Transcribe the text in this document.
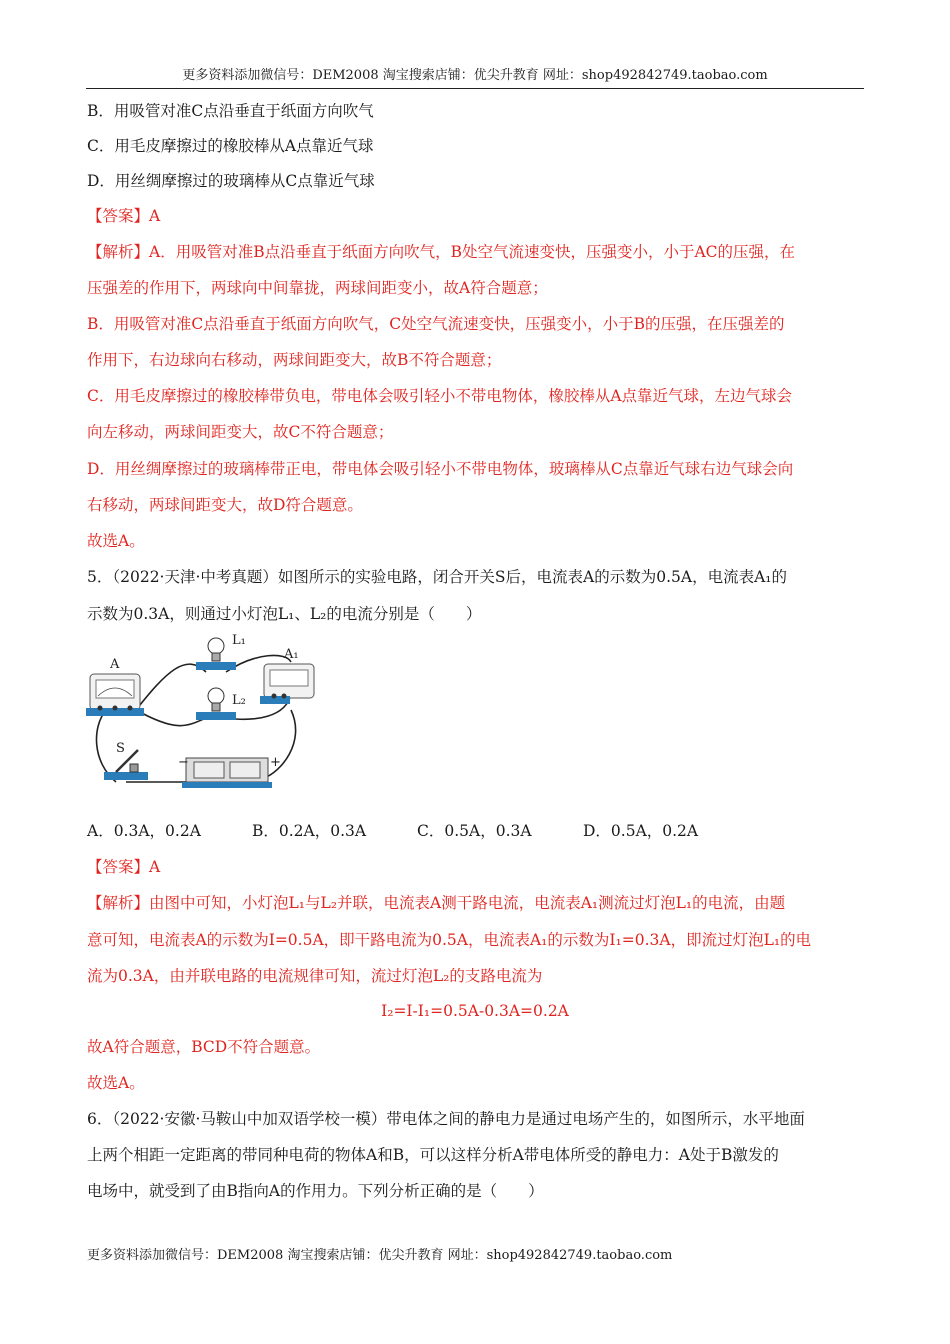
更多资料添加微信号：DEM2008 淘宝搜索店铺：优尖升教育 网址：shop492842749.taobao.com
B．用吸管对准C点沿垂直于纸面方向吹气
C．用毛皮摩擦过的橡胶棒从A点靠近气球
D．用丝绸摩擦过的玻璃棒从C点靠近气球
【答案】A
【解析】A．用吸管对准B点沿垂直于纸面方向吹气，B处空气流速变快，压强变小，小于AC的压强，在
压强差的作用下，两球向中间靠拢，两球间距变小，故A符合题意；
B．用吸管对准C点沿垂直于纸面方向吹气，C处空气流速变快，压强变小，小于B的压强，在压强差的
作用下，右边球向右移动，两球间距变大，故B不符合题意；
C．用毛皮摩擦过的橡胶棒带负电，带电体会吸引轻小不带电物体，橡胶棒从A点靠近气球，左边气球会
向左移动，两球间距变大，故C不符合题意；
D．用丝绸摩擦过的玻璃棒带正电，带电体会吸引轻小不带电物体，玻璃棒从C点靠近气球右边气球会向
右移动，两球间距变大，故D符合题意。
故选A。
5．（2022·天津·中考真题）如图所示的实验电路，闭合开关S后，电流表A的示数为0.5A，电流表A₁的
示数为0.3A，则通过小灯泡L₁、L₂的电流分别是（　　）
A
L₁
L₂
A₁
S
−	+
A．0.3A，0.2A	B．0.2A，0.3A	C．0.5A，0.3A	D．0.5A，0.2A
【答案】A
【解析】由图中可知，小灯泡L₁与L₂并联，电流表A测干路电流，电流表A₁测流过灯泡L₁的电流，由题
意可知，电流表A的示数为I=0.5A，即干路电流为0.5A，电流表A₁的示数为I₁=0.3A，即流过灯泡L₁的电
流为0.3A，由并联电路的电流规律可知，流过灯泡L₂的支路电流为
I₂=I-I₁=0.5A-0.3A=0.2A
故A符合题意，BCD不符合题意。
故选A。
6．（2022·安徽·马鞍山中加双语学校一模）带电体之间的静电力是通过电场产生的，如图所示，水平地面
上两个相距一定距离的带同种电荷的物体A和B，可以这样分析A带电体所受的静电力：A处于B激发的
电场中，就受到了由B指向A的作用力。下列分析正确的是（　　）
更多资料添加微信号：DEM2008 淘宝搜索店铺：优尖升教育 网址：shop492842749.taobao.com
